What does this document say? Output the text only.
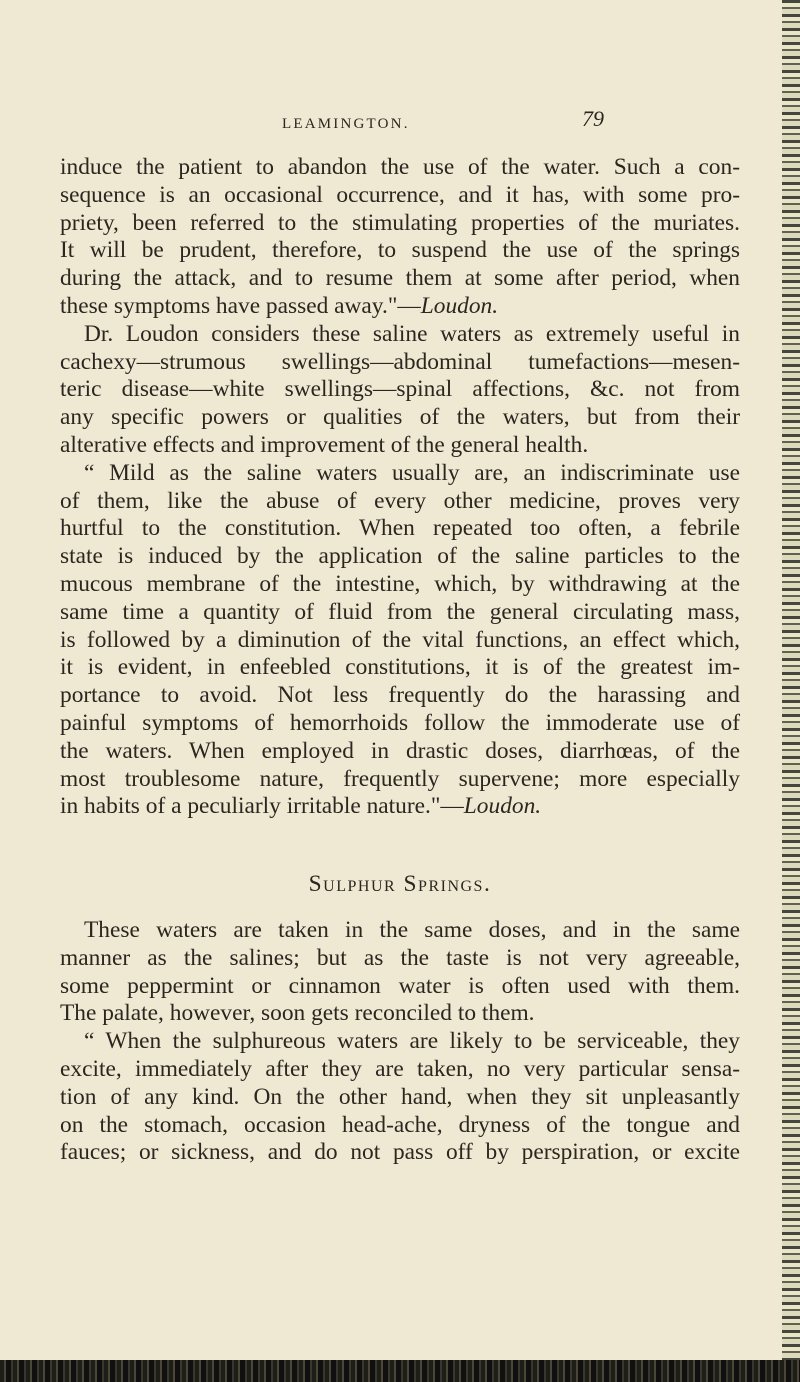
LEAMINGTON.	79

induce the patient to abandon the use of the water. Such a con-
sequence is an occasional occurrence, and it has, with some pro-
priety, been referred to the stimulating properties of the muriates.
It will be prudent, therefore, to suspend the use of the springs
during the attack, and to resume them at some after period, when

these symptoms have passed away."—Loudon.

Dr. Loudon considers these saline waters as extremely useful in

cachexy—strumous swellings—abdominal tumefactions—mesen-
teric disease—white swellings—spinal affections, &c. not from
any specific powers or qualities of the waters, but from their

alterative effects and improvement of the general health.

“ Mild as the saline waters usually are, an indiscriminate use

of them, like the abuse of every other medicine, proves very
hurtful to the constitution. When repeated too often, a febrile
state is induced by the application of the saline particles to the
mucous membrane of the intestine, which, by withdrawing at the
same time a quantity of fluid from the general circulating mass,
is followed by a diminution of the vital functions, an effect which,
it is evident, in enfeebled constitutions, it is of the greatest im-
portance to avoid. Not less frequently do the harassing and
painful symptoms of hemorrhoids follow the immoderate use of
the waters. When employed in drastic doses, diarrhœas, of the
most troublesome nature, frequently supervene; more especially

in habits of a peculiarly irritable nature."—Loudon.

Sulphur Springs.

These waters are taken in the same doses, and in the same

manner as the salines; but as the taste is not very agreeable,
some peppermint or cinnamon water is often used with them.

The palate, however, soon gets reconciled to them.

“ When the sulphureous waters are likely to be serviceable, they

excite, immediately after they are taken, no very particular sensa-
tion of any kind. On the other hand, when they sit unpleasantly
on the stomach, occasion head-ache, dryness of the tongue and
fauces; or sickness, and do not pass off by perspiration, or excite
